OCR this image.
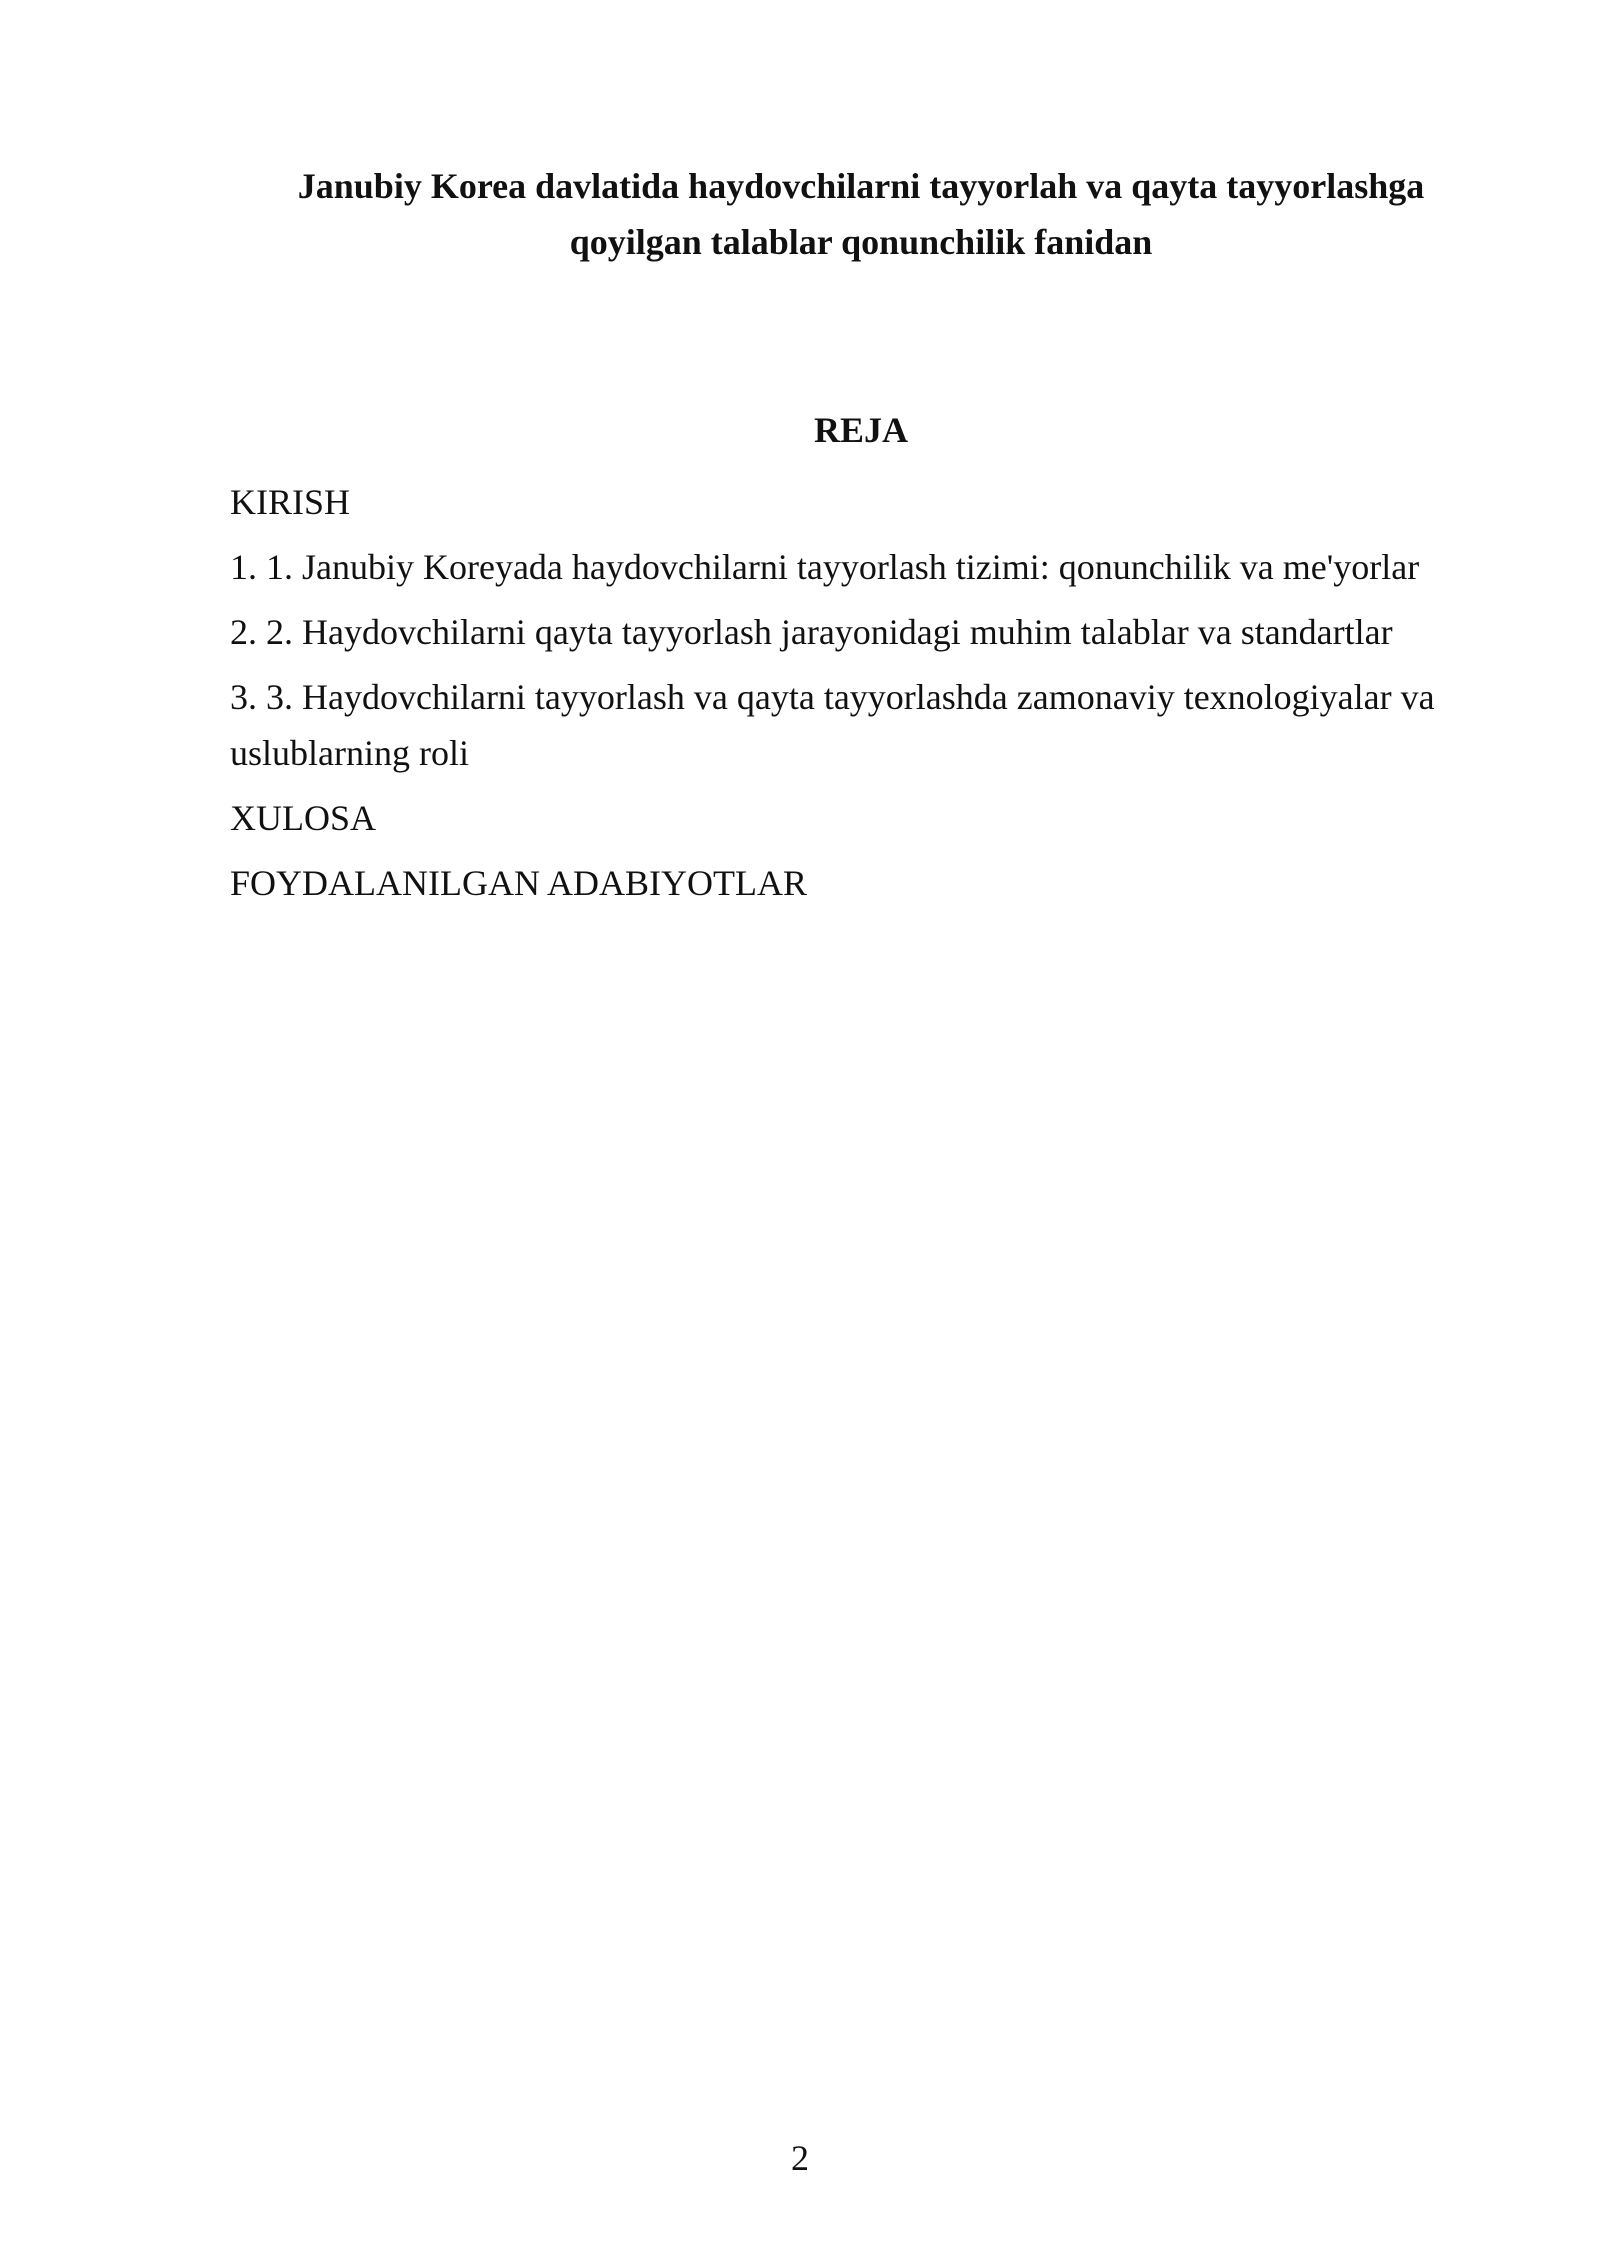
Janubiy Korea davlatida haydovchilarni tayyorlah va qayta tayyorlashga
qoyilgan talablar qonunchilik fanidan
REJA
KIRISH
1. 1. Janubiy Koreyada haydovchilarni tayyorlash tizimi: qonunchilik va me'yorlar
2. 2. Haydovchilarni qayta tayyorlash jarayonidagi muhim talablar va standartlar
3. 3. Haydovchilarni tayyorlash va qayta tayyorlashda zamonaviy texnologiyalar va uslublarning roli
XULOSA
FOYDALANILGAN ADABIYOTLAR
2
